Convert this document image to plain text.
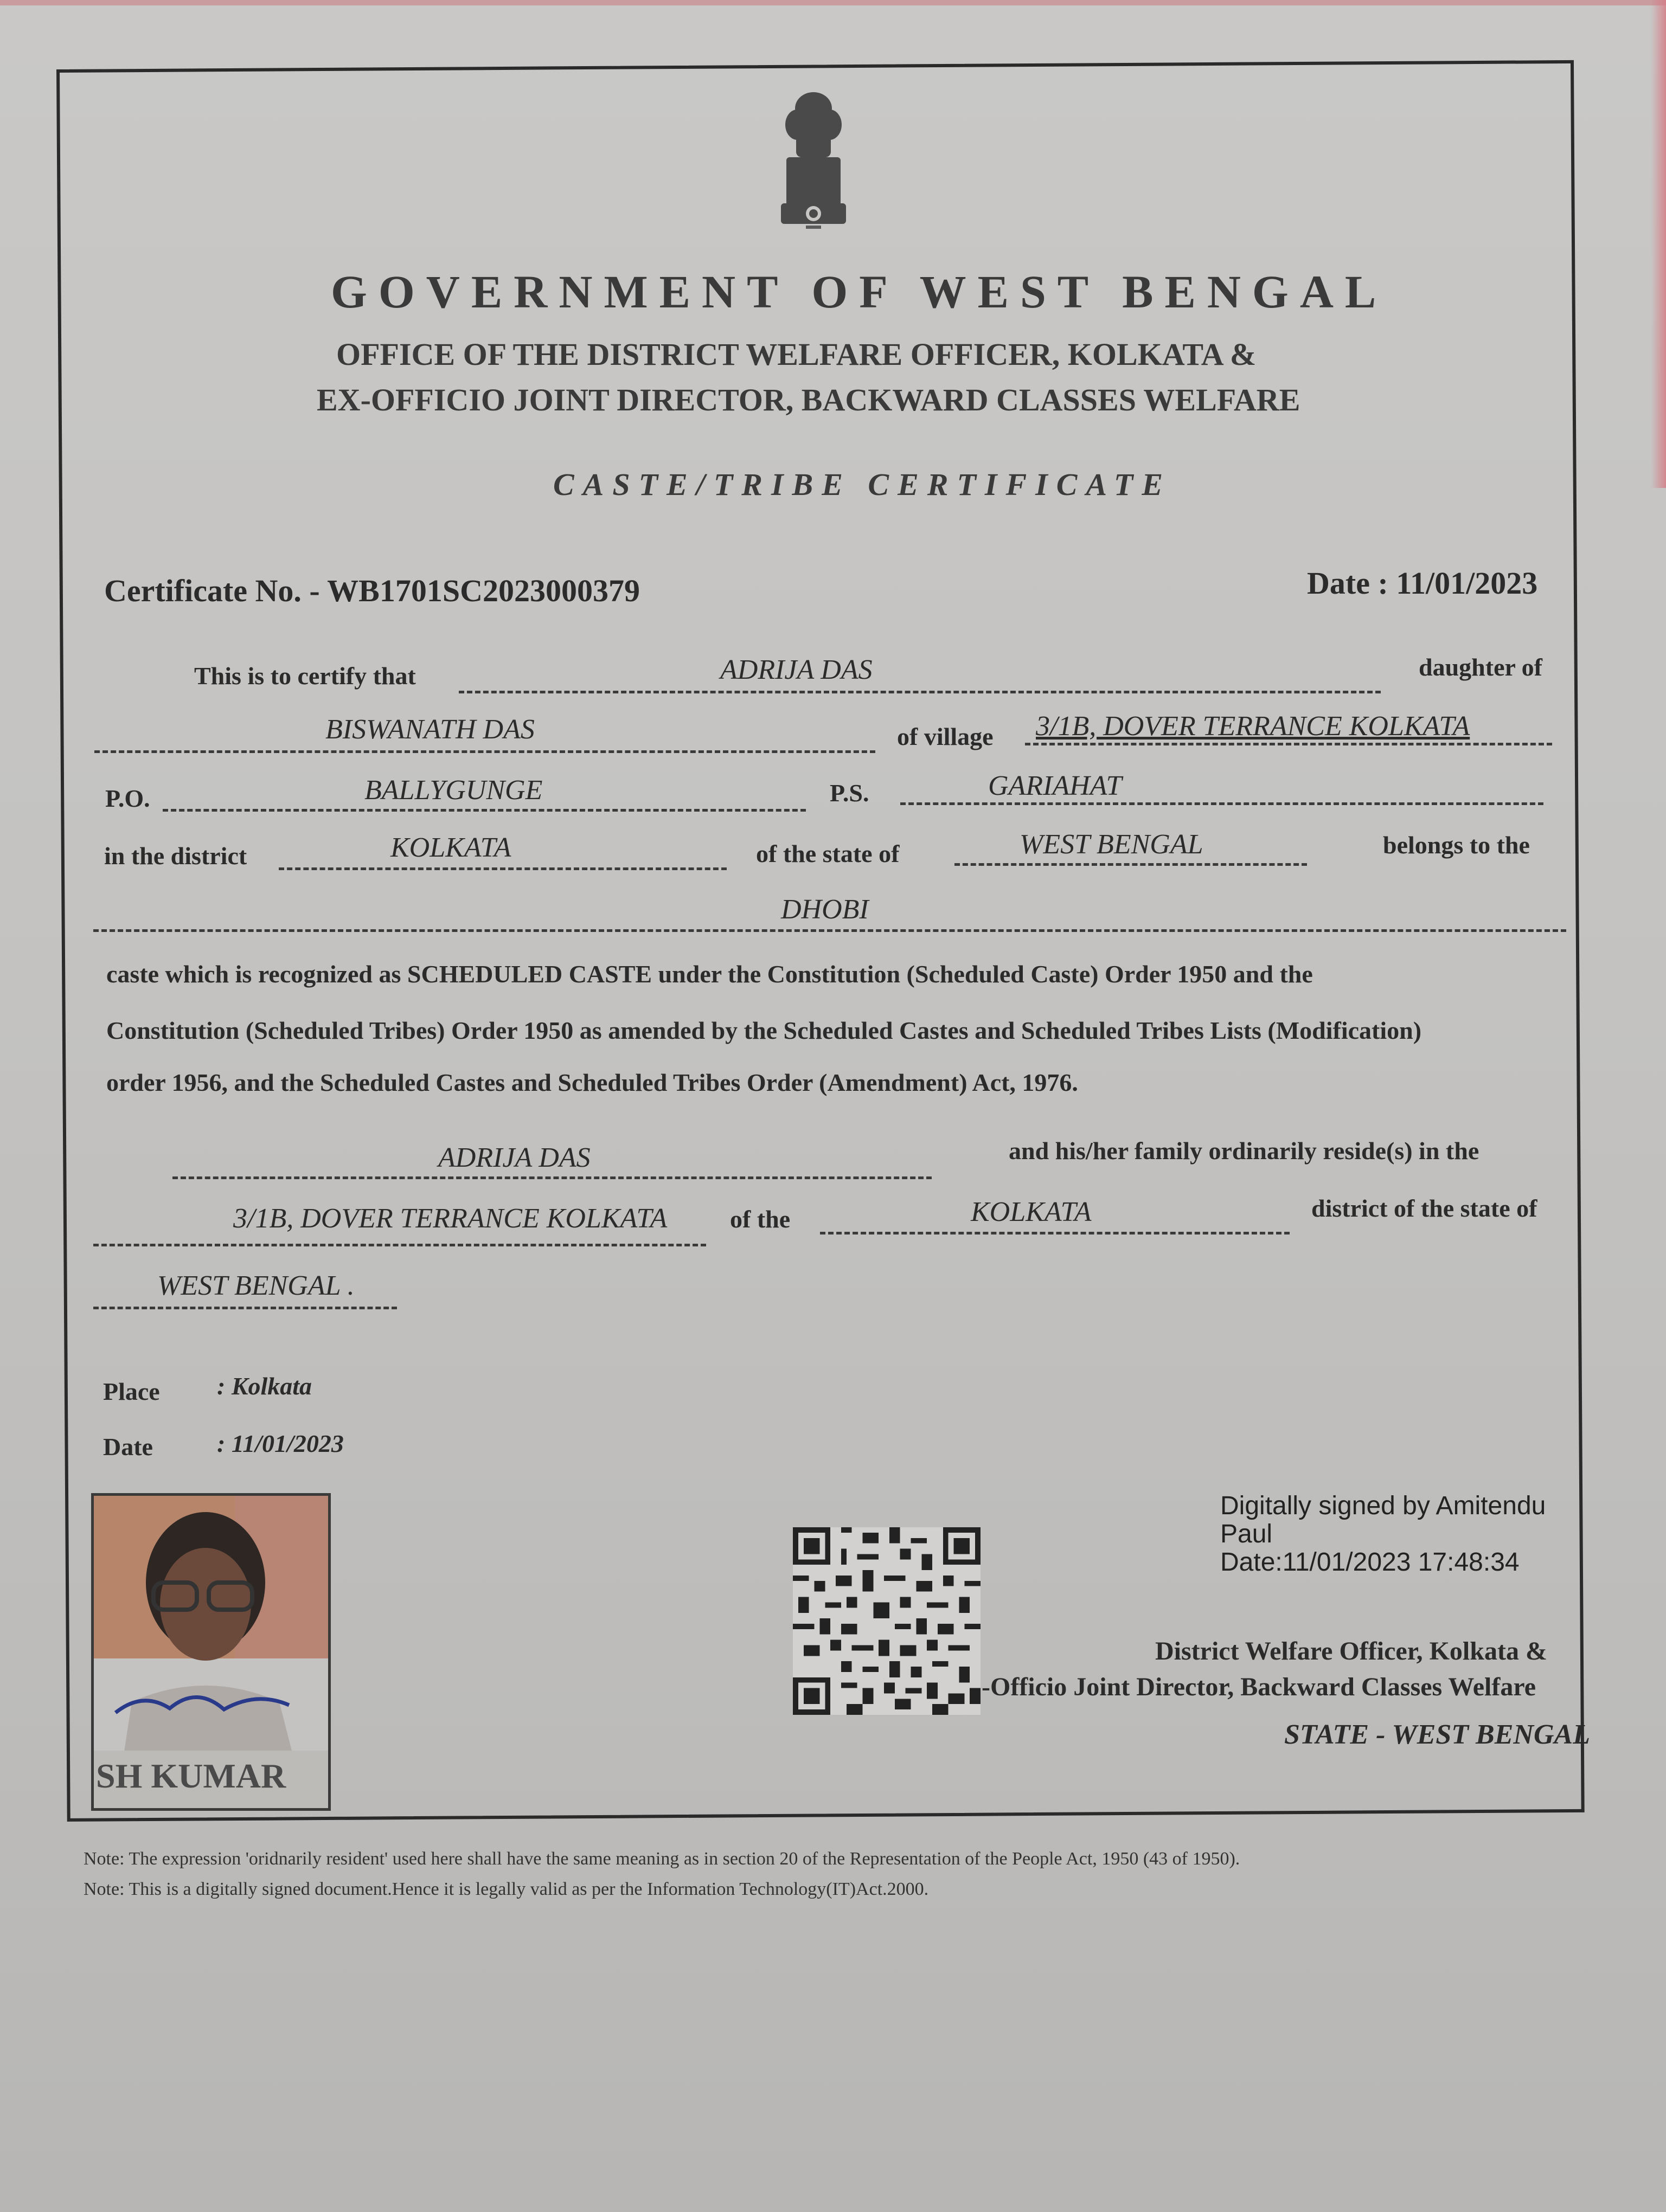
GOVERNMENT OF WEST BENGAL
OFFICE OF THE DISTRICT WELFARE OFFICER, KOLKATA &
EX-OFFICIO JOINT DIRECTOR, BACKWARD CLASSES WELFARE
CASTE/TRIBE CERTIFICATE
Certificate No. - WB1701SC2023000379	Date : 11/01/2023
This is to certify that	ADRIJA DAS	daughter of
BISWANATH DAS	of village 3/1B, DOVER TERRANCE KOLKATA
P.O.	BALLYGUNGE	P.S.	GARIAHAT
in the district	KOLKATA	of the state of	WEST BENGAL	belongs to the
DHOBI
caste which is recognized as SCHEDULED CASTE under the Constitution (Scheduled Caste) Order 1950 and the
Constitution (Scheduled Tribes) Order 1950 as amended by the Scheduled Castes and Scheduled Tribes Lists (Modification)
order 1956, and the Scheduled Castes and Scheduled Tribes Order (Amendment) Act, 1976.
ADRIJA DAS	and his/her family ordinarily reside(s) in the
3/1B, DOVER TERRANCE KOLKATA	of the	KOLKATA	district of the state of
WEST BENGAL .
Place : Kolkata
Date	: 11/01/2023
SH KUMAR
Digitally signed by Amitendu
Paul
Date:11/01/2023 17:48:34
District Welfare Officer, Kolkata &
-Officio Joint Director, Backward Classes Welfare
STATE - WEST BENGAL
Note: The expression 'oridnarily resident' used here shall have the same meaning as in section 20 of the Representation of the People Act, 1950 (43 of 1950).
Note: This is a digitally signed document.Hence it is legally valid as per the Information Technology(IT)Act.2000.
